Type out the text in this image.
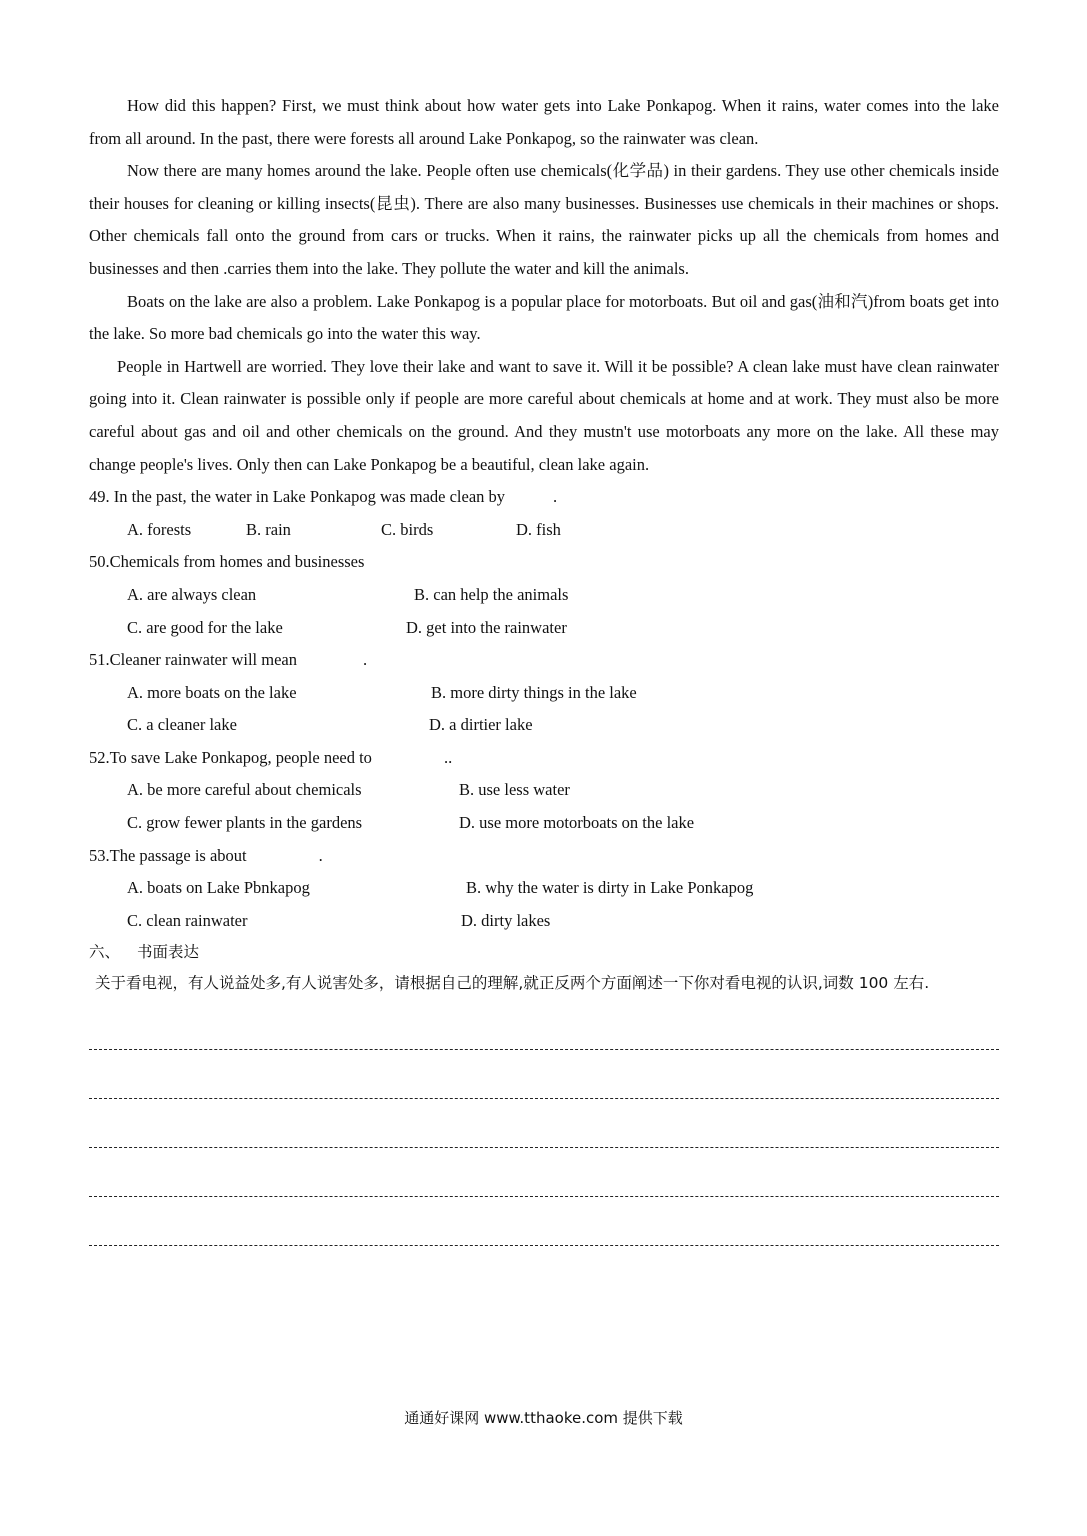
How did this happen? First, we must think about how water gets into Lake Ponkapog. When it rains, water comes into the lake from all around. In the past, there were forests all around Lake Ponkapog, so the rainwater was clean.

Now there are many homes around the lake. People often use chemicals(化学品) in their gardens. They use other chemicals inside their houses for cleaning or killing insects(昆虫). There are also many businesses. Businesses use chemicals in their machines or shops. Other chemicals fall onto the ground from cars or trucks. When it rains, the rainwater picks up all the chemicals from homes and businesses and then .carries them into the lake. They pollute the water and kill the animals.

Boats on the lake are also a problem. Lake Ponkapog is a popular place for motorboats. But oil and gas(油和汽)from boats get into the lake. So more bad chemicals go into the water this way.

People in Hartwell are worried. They love their lake and want to save it. Will it be possible? A clean lake must have clean rainwater going into it. Clean rainwater is possible only if people are more careful about chemicals at home and at work. They must also be more careful about gas and oil and other chemicals on the ground. And they mustn't use motorboats any more on the lake. All these may change people's lives. Only then can Lake Ponkapog be a beautiful, clean lake again.

49. In the past, the water in Lake Ponkapog was made clean by	.

A. forests	B. rain	C. birds	D. fish

50.Chemicals from homes and businesses

A. are always clean	B. can help the animals
C. are good for the lake	D. get into the rainwater

51.Cleaner rainwater will mean	.

A. more boats on the lake	B. more dirty things in the lake
C. a cleaner lake	D. a dirtier lake

52.To save Lake Ponkapog, people need to	..

A. be more careful about chemicals	B. use less water
C. grow fewer plants in the gardens	D. use more motorboats on the lake

53.The passage is about	.

A. boats on Lake Pbnkapog	B. why the water is dirty in Lake Ponkapog
C. clean rainwater	D. dirty lakes

六、 书面表达

关于看电视，有人说益处多,有人说害处多，请根据自己的理解,就正反两个方面阐述一下你对看电视的认识,词数 100 左右.

通通好课网 www.tthaoke.com 提供下载
